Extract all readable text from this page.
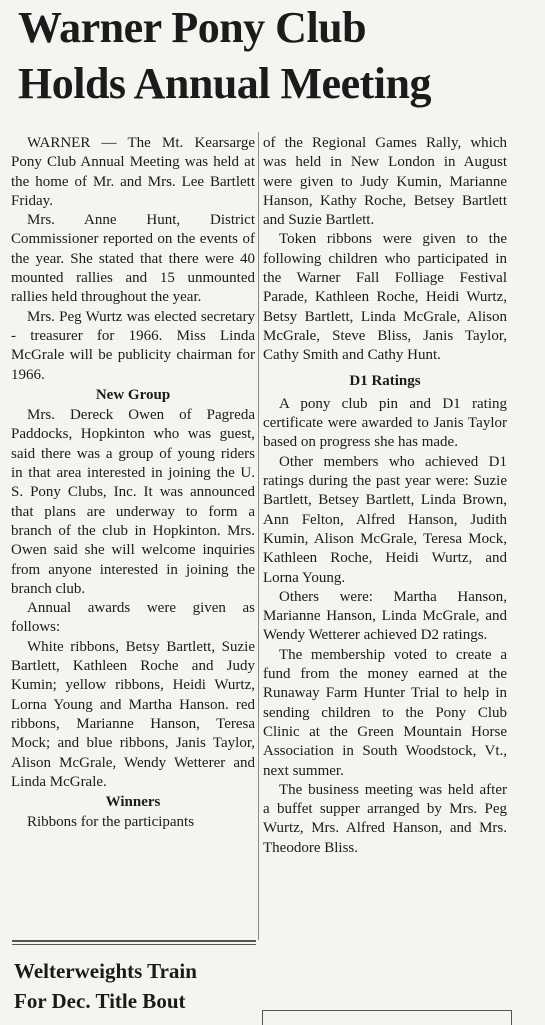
Warner Pony Club
Holds Annual Meeting

WARNER — The Mt. Kearsarge Pony Club Annual Meeting was held at the home of Mr. and Mrs. Lee Bartlett Friday.

Mrs. Anne Hunt, District Commissioner reported on the events of the year. She stated that there were 40 mounted rallies and 15 unmounted rallies held throughout the year.

Mrs. Peg Wurtz was elected secretary - treasurer for 1966. Miss Linda McGrale will be publicity chairman for 1966.

New Group

Mrs. Dereck Owen of Pagreda Paddocks, Hopkinton who was guest, said there was a group of young riders in that area interested in joining the U. S. Pony Clubs, Inc. It was announced that plans are underway to form a branch of the club in Hopkinton. Mrs. Owen said she will welcome inquiries from anyone interested in joining the branch club.

Annual awards were given as follows:

White ribbons, Betsy Bartlett, Suzie Bartlett, Kathleen Roche and Judy Kumin; yellow ribbons, Heidi Wurtz, Lorna Young and Martha Hanson. red ribbons, Marianne Hanson, Teresa Mock; and blue ribbons, Janis Taylor, Alison McGrale, Wendy Wetterer and Linda McGrale.

Winners

Ribbons for the participants

of the Regional Games Rally, which was held in New London in August were given to Judy Kumin, Marianne Hanson, Kathy Roche, Betsey Bartlett and Suzie Bartlett.

Token ribbons were given to the following children who participated in the Warner Fall Folliage Festival Parade, Kathleen Roche, Heidi Wurtz, Betsy Bartlett, Linda McGrale, Alison McGrale, Steve Bliss, Janis Taylor, Cathy Smith and Cathy Hunt.

D1 Ratings

A pony club pin and D1 rating certificate were awarded to Janis Taylor based on progress she has made.

Other members who achieved D1 ratings during the past year were: Suzie Bartlett, Betsey Bartlett, Linda Brown, Ann Felton, Alfred Hanson, Judith Kumin, Alison McGrale, Teresa Mock, Kathleen Roche, Heidi Wurtz, and Lorna Young.

Others were: Martha Hanson, Marianne Hanson, Linda McGrale, and Wendy Wetterer achieved D2 ratings.

The membership voted to create a fund from the money earned at the Runaway Farm Hunter Trial to help in sending children to the Pony Club Clinic at the Green Mountain Horse Association in South Woodstock, Vt., next summer.

The business meeting was held after a buffet supper arranged by Mrs. Peg Wurtz, Mrs. Alfred Hanson, and Mrs. Theodore Bliss.

Welterweights Train
For Dec. Title Bout
